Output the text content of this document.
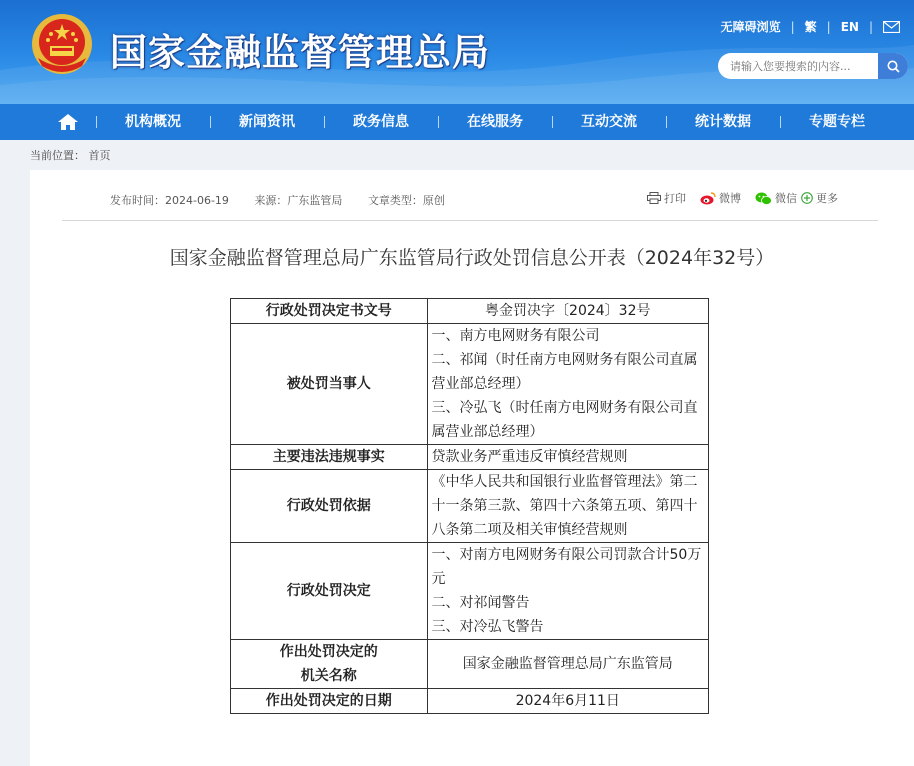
国家金融监督管理总局
无障碍浏览 | 繁 | EN |
请输入您要搜索的内容...
机构概况	新闻资讯	政务信息	在线服务	互动交流	统计数据	专题专栏
当前位置： 首页
发布时间：2024-06-19 来源：广东监管局 文章类型：原创	打印	微博	微信 更多
国家金融监督管理总局广东监管局行政处罚信息公开表（2024年32号）
行政处罚决定书文号	粤金罚决字〔2024〕32号
被处罚当事人	一、南方电网财务有限公司
二、祁闻（时任南方电网财务有限公司直属营业部总经理）
三、冷弘飞（时任南方电网财务有限公司直属营业部总经理）

主要违法违规事实	贷款业务严重违反审慎经营规则
行政处罚依据	《中华人民共和国银行业监督管理法》第二十一条第三款、第四十六条第五项、第四十八条第二项及相关审慎经营规则
行政处罚决定	一、对南方电网财务有限公司罚款合计50万元
二、对祁闻警告
三、对冷弘飞警告

作出处罚决定的
机关名称	国家金融监督管理总局广东监管局
作出处罚决定的日期	2024年6月11日
